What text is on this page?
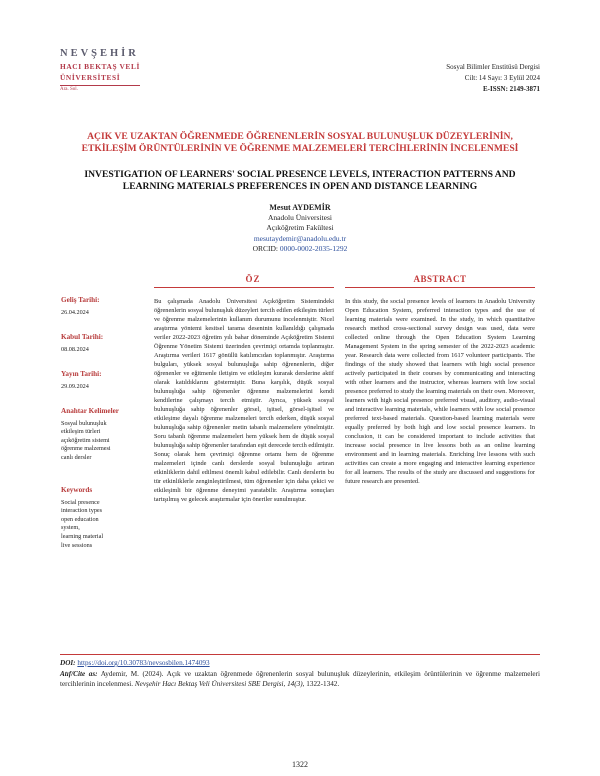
NEVŞEHİR
HACI BEKTAŞ VELİ
ÜNİVERSİTESİ
Ara. Sol.
Sosyal Bilimler Enstitüsü Dergisi
Cilt: 14 Sayı: 3 Eylül 2024
E-ISSN: 2149-3871
AÇIK VE UZAKTAN ÖĞRENMEDE ÖĞRENENLERİN SOSYAL BULUNUŞLUK DÜZEYLERİNİN, ETKİLEŞİM ÖRÜNTÜLERİNİN VE ÖĞRENME MALZEMELERİ TERCİHLERİNİN İNCELENMESİ
INVESTIGATION OF LEARNERS' SOCIAL PRESENCE LEVELS, INTERACTION PATTERNS AND LEARNING MATERIALS PREFERENCES IN OPEN AND DISTANCE LEARNING
Mesut AYDEMİR
Anadolu Üniversitesi
Açıköğretim Fakültesi
mesutaydemir@anadolu.edu.tr
ORCID: 0000-0002-2035-1292
ÖZ	ABSTRACT
Geliş Tarihi:
26.04.2024
Kabul Tarihi:
08.08.2024
Yayın Tarihi:
29.09.2024
Anahtar Kelimeler
Sosyal bulunuşluk
etkileşim türleri
açıköğretim sistemi
öğrenme malzemesi
canlı dersler
Keywords
Social presence
interaction types
open education
system,
learning material
live sessions
Bu çalışmada Anadolu Üniversitesi Açıköğretim Sistemindeki öğrenenlerin sosyal bulunuşluk düzeyleri tercih edilen etkileşim türleri ve öğrenme malzemelerinin kullanım durumunu incelenmiştir. Nicel araştırma yöntemi kesitsel tarama deseninin kullanıldığı çalışmada veriler 2022-2023 öğretim yılı bahar döneminde Açıköğretim Sistemi Öğrenme Yönetim Sistemi üzerinden çevrimiçi ortamda toplanmıştır. Araştırma verileri 1617 gönüllü katılımcıdan toplanmıştır. Araştırma bulguları, yüksek sosyal bulunuşluğa sahip öğrenenlerin, diğer öğrenenler ve eğitmenle iletişim ve etkileşim kurarak derslerine aktif olarak katıldıklarını göstermiştir. Buna karşılık, düşük sosyal bulunuşluğa sahip öğrenenler öğrenme malzemelerini kendi kendilerine çalışmayı tercih etmiştir. Ayrıca, yüksek sosyal bulunuşluğa sahip öğrenenler görsel, işitsel, görsel-işitsel ve etkileşime dayalı öğrenme malzemeleri tercih ederken, düşük sosyal bulunuşluğa sahip öğrenenler metin tabanlı malzemelere yönelmiştir. Soru tabanlı öğrenme malzemeleri hem yüksek hem de düşük sosyal bulunuşluğa sahip öğrenenler tarafından eşit derecede tercih edilmiştir. Sonuç olarak hem çevrimiçi öğrenme ortamı hem de öğrenme malzemeleri içinde canlı derslerde sosyal bulunuşluğu artıran etkinliklerin dahil edilmesi önemli kabul edilebilir. Canlı derslerin bu tür etkinliklerle zenginleştirilmesi, tüm öğrenenler için daha çekici ve etkileşimli bir öğrenme deneyimi yaratabilir. Araştırma sonuçları tartışılmış ve gelecek araştırmalar için öneriler sunulmuştur.
In this study, the social presence levels of learners in Anadolu University Open Education System, preferred interaction types and the use of learning materials were examined. In the study, in which quantitative research method cross-sectional survey design was used, data were collected online through the Open Education System Learning Management System in the spring semester of the 2022-2023 academic year. Research data were collected from 1617 volunteer participants. The findings of the study showed that learners with high social presence actively participated in their courses by communicating and interacting with other learners and the instructor, whereas learners with low social presence preferred to study the learning materials on their own. Moreover, learners with high social presence preferred visual, auditory, audio-visual and interactive learning materials, while learners with low social presence preferred text-based materials. Question-based learning materials were equally preferred by both high and low social presence learners. In conclusion, it can be considered important to include activities that increase social presence in live lessons both as an online learning environment and in learning materials. Enriching live lessons with such activities can create a more engaging and interactive learning experience for all learners. The results of the study are discussed and suggestions for future research are presented.
DOI: https://doi.org/10.30783/nevsosbilen.1474093
Atıf/Cite as: Aydemir, M. (2024). Açık ve uzaktan öğrenmede öğrenenlerin sosyal bulunuşluk düzeylerinin, etkileşim örüntülerinin ve öğrenme malzemeleri tercihlerinin incelenmesi. Nevşehir Hacı Bektaş Veli Üniversitesi SBE Dergisi, 14(3), 1322-1342.
1322
